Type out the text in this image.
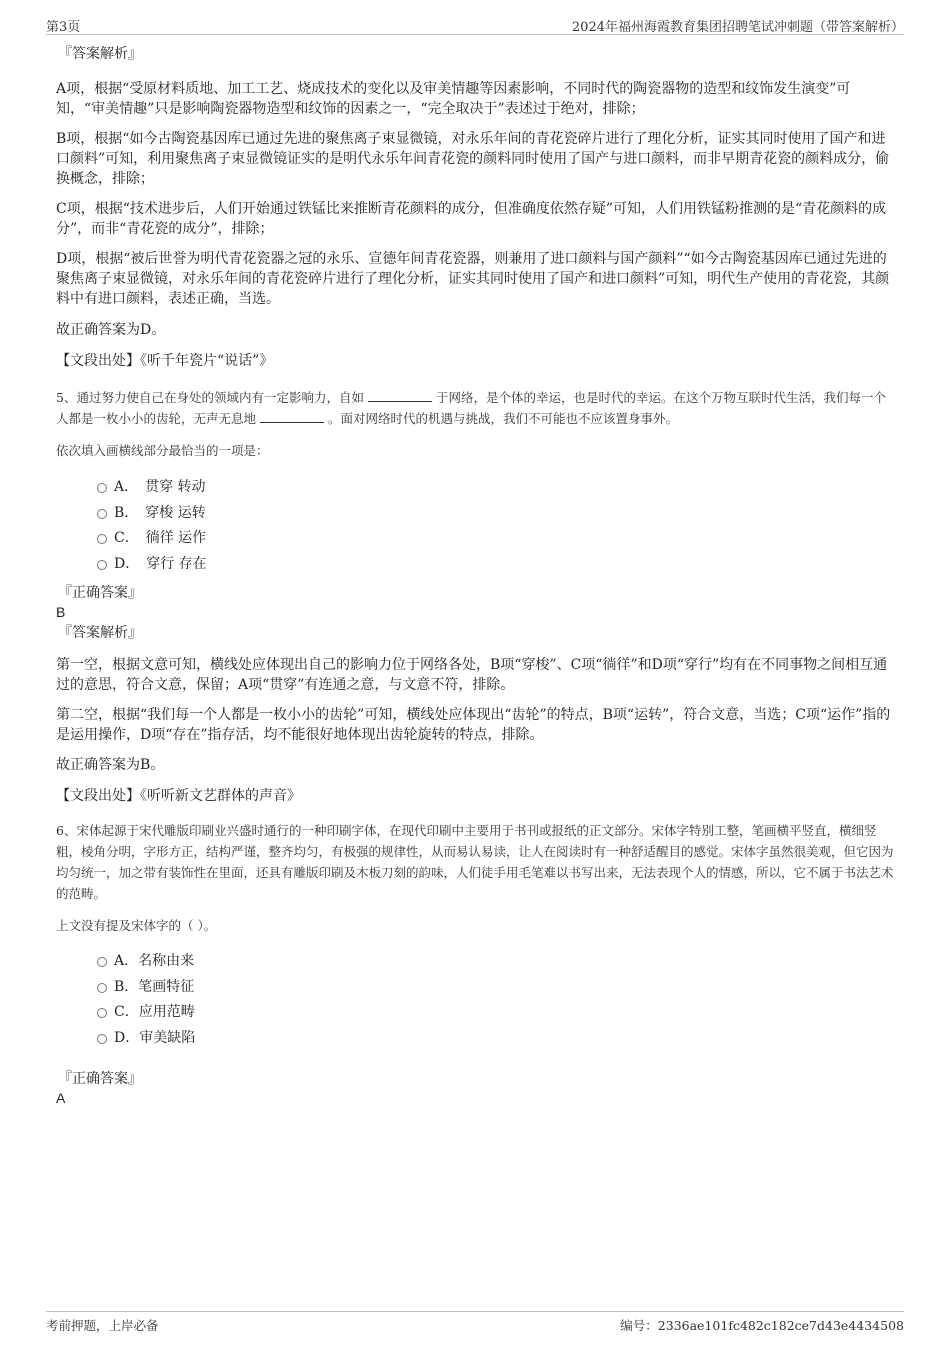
第3页	2024年福州海霞教育集团招聘笔试冲刺题（带答案解析）
『答案解析』

A项，根据“受原材料质地、加工工艺、烧成技术的变化以及审美情趣等因素影响，不同时代的陶瓷器物的造型和纹饰发生演变”可知，“审美情趣”只是影响陶瓷器物造型和纹饰的因素之一，“完全取决于”表述过于绝对，排除；

B项，根据“如今古陶瓷基因库已通过先进的聚焦离子束显微镜，对永乐年间的青花瓷碎片进行了理化分析，证实其同时使用了国产和进口颜料”可知，利用聚焦离子束显微镜证实的是明代永乐年间青花瓷的颜料同时使用了国产与进口颜料，而非早期青花瓷的颜料成分，偷换概念，排除；

C项，根据“技术进步后，人们开始通过铁锰比来推断青花颜料的成分，但准确度依然存疑”可知，人们用铁锰粉推测的是“青花颜料的成分”，而非“青花瓷的成分”，排除；

D项，根据“被后世誉为明代青花瓷器之冠的永乐、宣德年间青花瓷器，则兼用了进口颜料与国产颜料”“如今古陶瓷基因库已通过先进的聚焦离子束显微镜，对永乐年间的青花瓷碎片进行了理化分析，证实其同时使用了国产和进口颜料”可知，明代生产使用的青花瓷，其颜料中有进口颜料，表述正确，当选。

故正确答案为D。

【文段出处】《听千年瓷片“说话”》

5、通过努力使自己在身处的领域内有一定影响力，自如	于网络，是个体的幸运，也是时代的幸运。在这个万物互联时代生活，我们每一个人都是一枚小小的齿轮，无声无息地	。面对网络时代的机遇与挑战，我们不可能也不应该置身事外。

依次填入画横线部分最恰当的一项是：
A．　贯穿 转动
B．　穿梭 运转
C．　徜徉 运作
D．　穿行 存在
『正确答案』
B
『答案解析』

第一空，根据文意可知，横线处应体现出自己的影响力位于网络各处，B项“穿梭”、C项“徜徉”和D项“穿行”均有在不同事物之间相互通过的意思，符合文意，保留；A项“贯穿”有连通之意，与文意不符，排除。

第二空，根据“我们每一个人都是一枚小小的齿轮”可知，横线处应体现出“齿轮”的特点，B项“运转”，符合文意，当选；C项“运作”指的是运用操作，D项“存在”指存活，均不能很好地体现出齿轮旋转的特点，排除。

故正确答案为B。

【文段出处】《听听新文艺群体的声音》

6、宋体起源于宋代雕版印刷业兴盛时通行的一种印刷字体，在现代印刷中主要用于书刊或报纸的正文部分。宋体字特别工整，笔画横平竖直，横细竖粗，棱角分明，字形方正，结构严谨，整齐均匀，有极强的规律性，从而易认易读，让人在阅读时有一种舒适醒目的感觉。宋体字虽然很美观，但它因为均匀统一，加之带有装饰性在里面，还具有雕版印刷及木板刀刻的韵味，人们徒手用毛笔难以书写出来，无法表现个人的情感，所以，它不属于书法艺术的范畴。

上文没有提及宋体字的（ ）。
A．名称由来
B．笔画特征
C．应用范畴
D．审美缺陷
『正确答案』
A
考前押题，上岸必备	编号：2336ae101fc482c182ce7d43e4434508
